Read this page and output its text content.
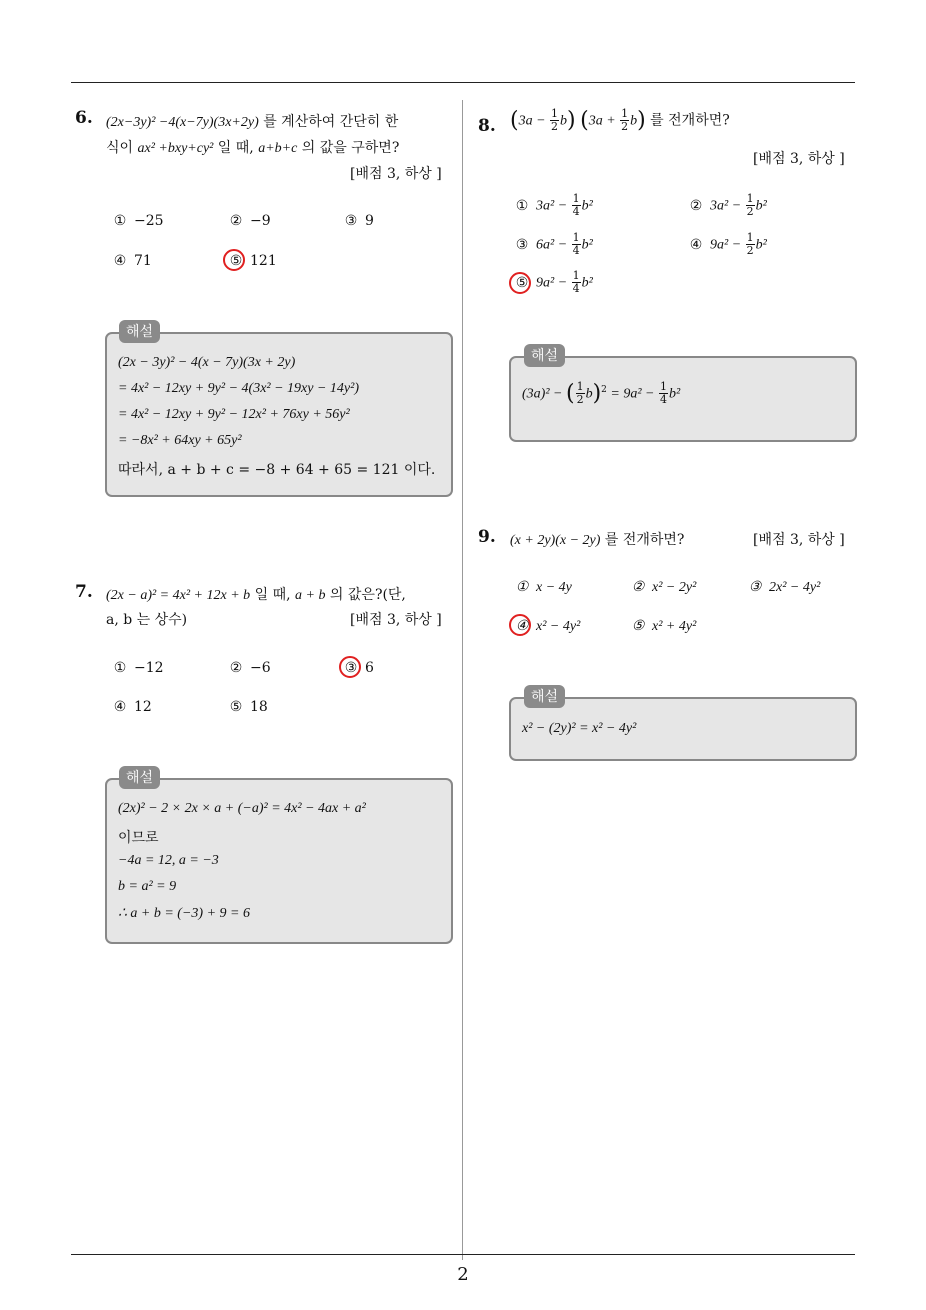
2
6. (2x−3y)² −4(x−7y)(3x+2y) 를 계산하여 간단히 한
식이 ax² +bxy+cy² 일 때, a+b+c 의 값을 구하면?
[배점 3, 하상 ]
① −25	② −9	③ 9
④ 71	⑤ 121
해설
(2x − 3y)² − 4(x − 7y)(3x + 2y)
= 4x² − 12xy + 9y² − 4(3x² − 19xy − 14y²)
= 4x² − 12xy + 9y² − 12x² + 76xy + 56y²
= −8x² + 64xy + 65y²
따라서, a + b + c = −8 + 64 + 65 = 121 이다.
7. (2x − a)² = 4x² + 12x + b 일 때, a + b 의 값은?(단,
a, b 는 상수)	[배점 3, 하상 ]
① −12	② −6	③ 6
④ 12	⑤ 18
해설
(2x)² − 2 × 2x × a + (−a)² = 4x² − 4ax + a²
이므로
−4a = 12, a = −3
b = a² = 9
∴ a + b = (−3) + 9 = 6
8. $(3a - \frac{1}{2} b)$ $(3a + \frac{1}{2} b)$ 를 전개하면?
[배점 3, 하상 ]
① $3a^2 - \frac{1}{4} b^2$	② $3a^2 - \frac{1}{2} b^2$
③ $6a^2 - \frac{1}{4} b^2$	④ $9a^2 - \frac{1}{2} b^2$
⑤ $9a^2 - \frac{1}{4} b^2$
해설
(3a)² − ( $\frac{1}{2} b)^2 = 9a^2 - \frac{1}{4} b^2$
9. (x + 2y)(x − 2y) 를 전개하면?	[배점 3, 하상 ]
① x − 4y	② x² − 2y²	③ 2x² − 4y²
④ x² − 4y²	⑤ x² + 4y²
해설
x² − (2y)² = x² − 4y²
